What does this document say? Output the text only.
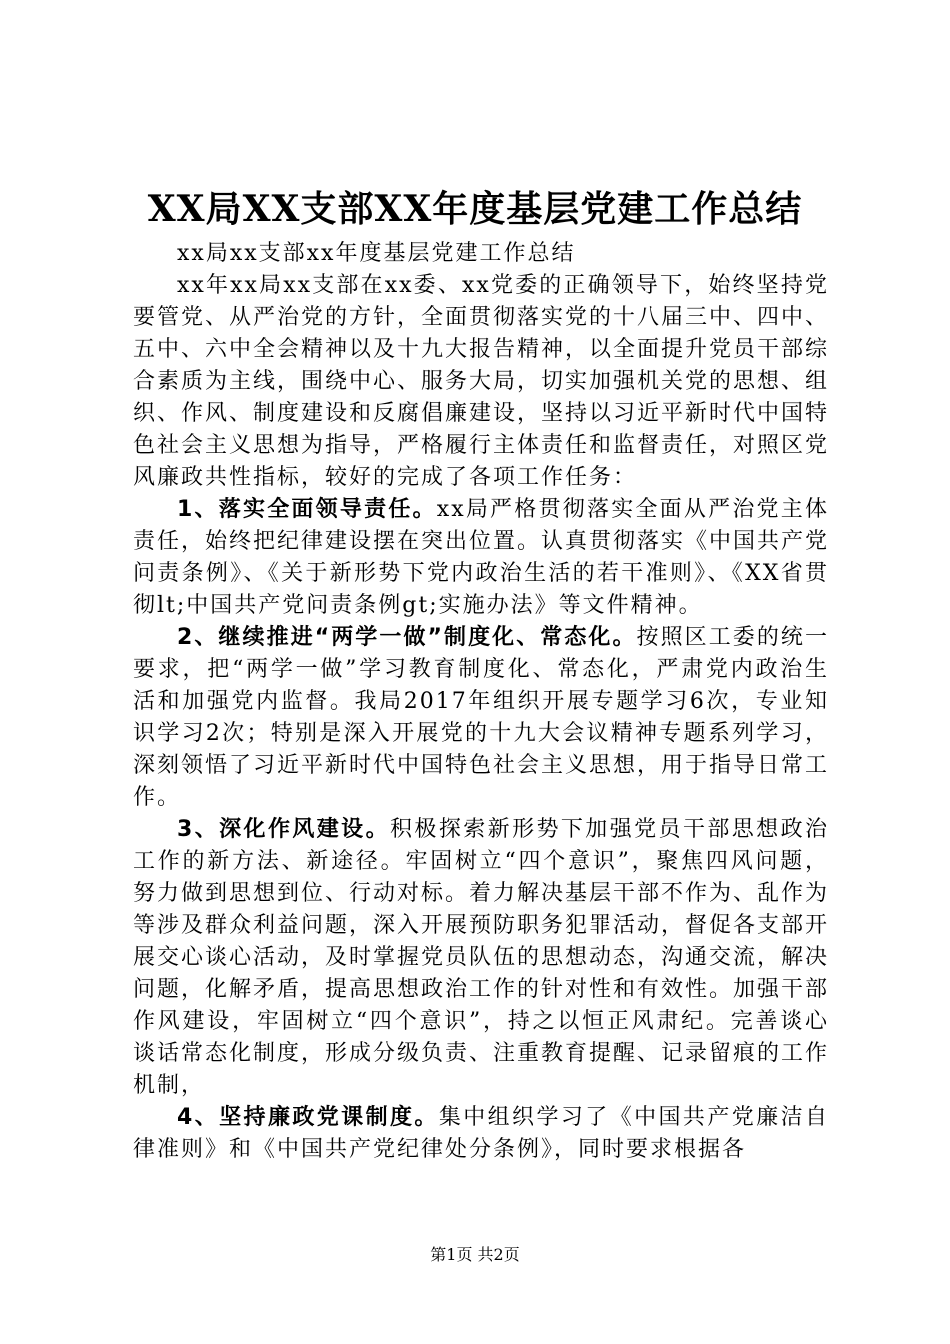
XX局XX支部XX年度基层党建工作总结

xx局xx支部xx年度基层党建工作总结

xx年xx局xx支部在xx委、xx党委的正确领导下，始终坚持党要管党、从严治党的方针，全面贯彻落实党的十八届三中、四中、五中、六中全会精神以及十九大报告精神，以全面提升党员干部综合素质为主线，围绕中心、服务大局，切实加强机关党的思想、组织、作风、制度建设和反腐倡廉建设，坚持以习近平新时代中国特色社会主义思想为指导，严格履行主体责任和监督责任，对照区党风廉政共性指标，较好的完成了各项工作任务：

1、落实全面领导责任。xx局严格贯彻落实全面从严治党主体责任，始终把纪律建设摆在突出位置。认真贯彻落实《中国共产党问责条例》、《关于新形势下党内政治生活的若干准则》、《XX省贯彻lt;中国共产党问责条例gt;实施办法》等文件精神。

2、继续推进“两学一做”制度化、常态化。按照区工委的统一要求，把“两学一做”学习教育制度化、常态化，严肃党内政治生活和加强党内监督。我局2017年组织开展专题学习6次，专业知识学习2次；特别是深入开展党的十九大会议精神专题系列学习，深刻领悟了习近平新时代中国特色社会主义思想，用于指导日常工作。

3、深化作风建设。积极探索新形势下加强党员干部思想政治工作的新方法、新途径。牢固树立“四个意识”，聚焦四风问题，努力做到思想到位、行动对标。着力解决基层干部不作为、乱作为等涉及群众利益问题，深入开展预防职务犯罪活动，督促各支部开展交心谈心活动，及时掌握党员队伍的思想动态，沟通交流，解决问题，化解矛盾，提高思想政治工作的针对性和有效性。加强干部作风建设，牢固树立“四个意识”，持之以恒正风肃纪。完善谈心谈话常态化制度，形成分级负责、注重教育提醒、记录留痕的工作机制，

4、坚持廉政党课制度。集中组织学习了《中国共产党廉洁自律准则》和《中国共产党纪律处分条例》，同时要求根据各

第1页 共2页
